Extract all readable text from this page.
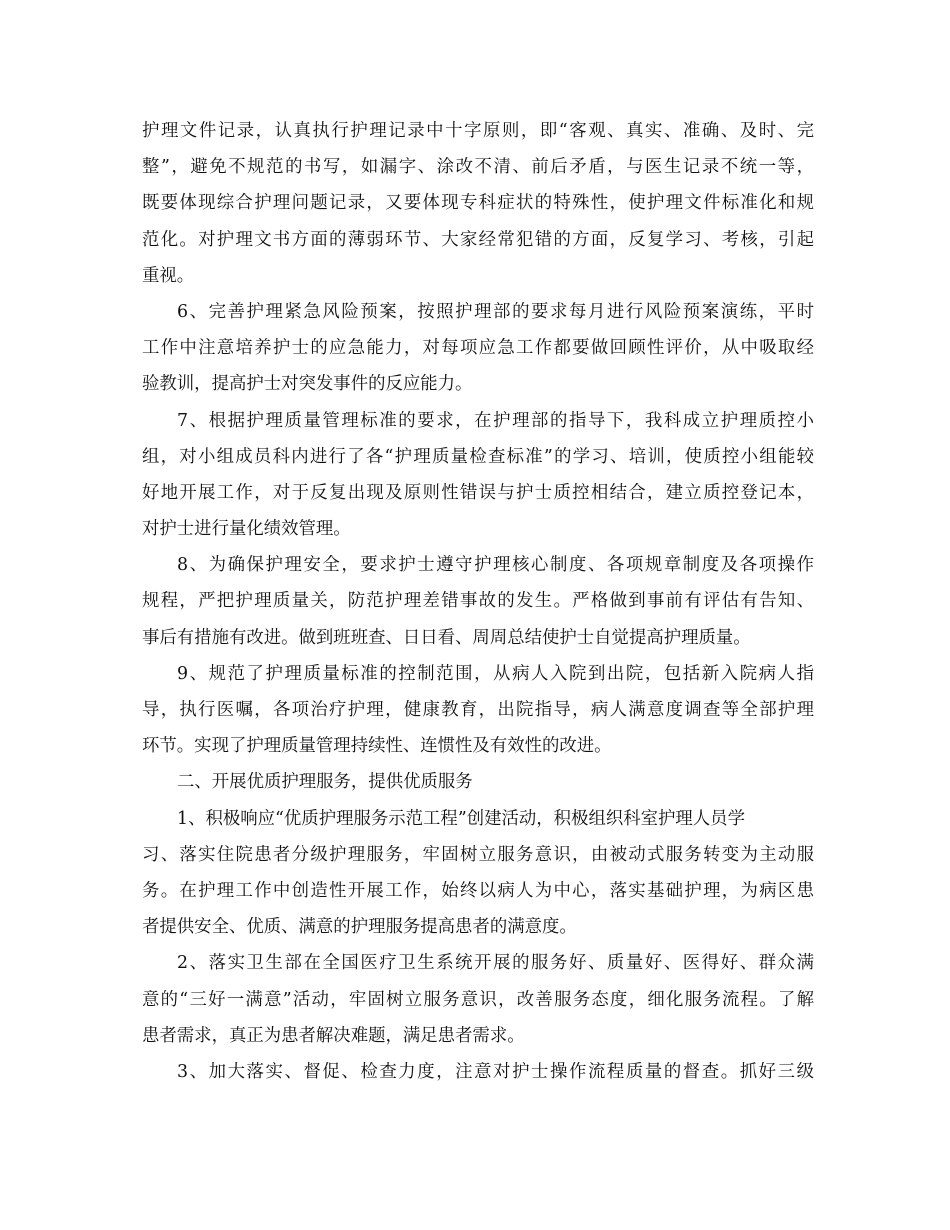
护理文件记录，认真执行护理记录中十字原则，即“客观、真实、准确、及时、完
整”，避免不规范的书写，如漏字、涂改不清、前后矛盾，与医生记录不统一等，
既要体现综合护理问题记录，又要体现专科症状的特殊性，使护理文件标准化和规
范化。对护理文书方面的薄弱环节、大家经常犯错的方面，反复学习、考核，引起
重视。
6、完善护理紧急风险预案，按照护理部的要求每月进行风险预案演练，平时
工作中注意培养护士的应急能力，对每项应急工作都要做回顾性评价，从中吸取经
验教训，提高护士对突发事件的反应能力。
7、根据护理质量管理标准的要求，在护理部的指导下，我科成立护理质控小
组，对小组成员科内进行了各“护理质量检查标准”的学习、培训，使质控小组能较
好地开展工作，对于反复出现及原则性错误与护士质控相结合，建立质控登记本，
对护士进行量化绩效管理。
8、为确保护理安全，要求护士遵守护理核心制度、各项规章制度及各项操作
规程，严把护理质量关，防范护理差错事故的发生。严格做到事前有评估有告知、
事后有措施有改进。做到班班查、日日看、周周总结使护士自觉提高护理质量。
9、规范了护理质量标准的控制范围，从病人入院到出院，包括新入院病人指
导，执行医嘱，各项治疗护理，健康教育，出院指导，病人满意度调查等全部护理
环节。实现了护理质量管理持续性、连惯性及有效性的改进。
二、开展优质护理服务，提供优质服务
1、积极响应“优质护理服务示范工程”创建活动，积极组织科室护理人员学
习、落实住院患者分级护理服务，牢固树立服务意识，由被动式服务转变为主动服
务。在护理工作中创造性开展工作，始终以病人为中心，落实基础护理，为病区患
者提供安全、优质、满意的护理服务提高患者的满意度。
2、落实卫生部在全国医疗卫生系统开展的服务好、质量好、医得好、群众满
意的“三好一满意”活动，牢固树立服务意识，改善服务态度，细化服务流程。了解
患者需求，真正为患者解决难题，满足患者需求。
3、加大落实、督促、检查力度，注意对护士操作流程质量的督查。抓好三级
